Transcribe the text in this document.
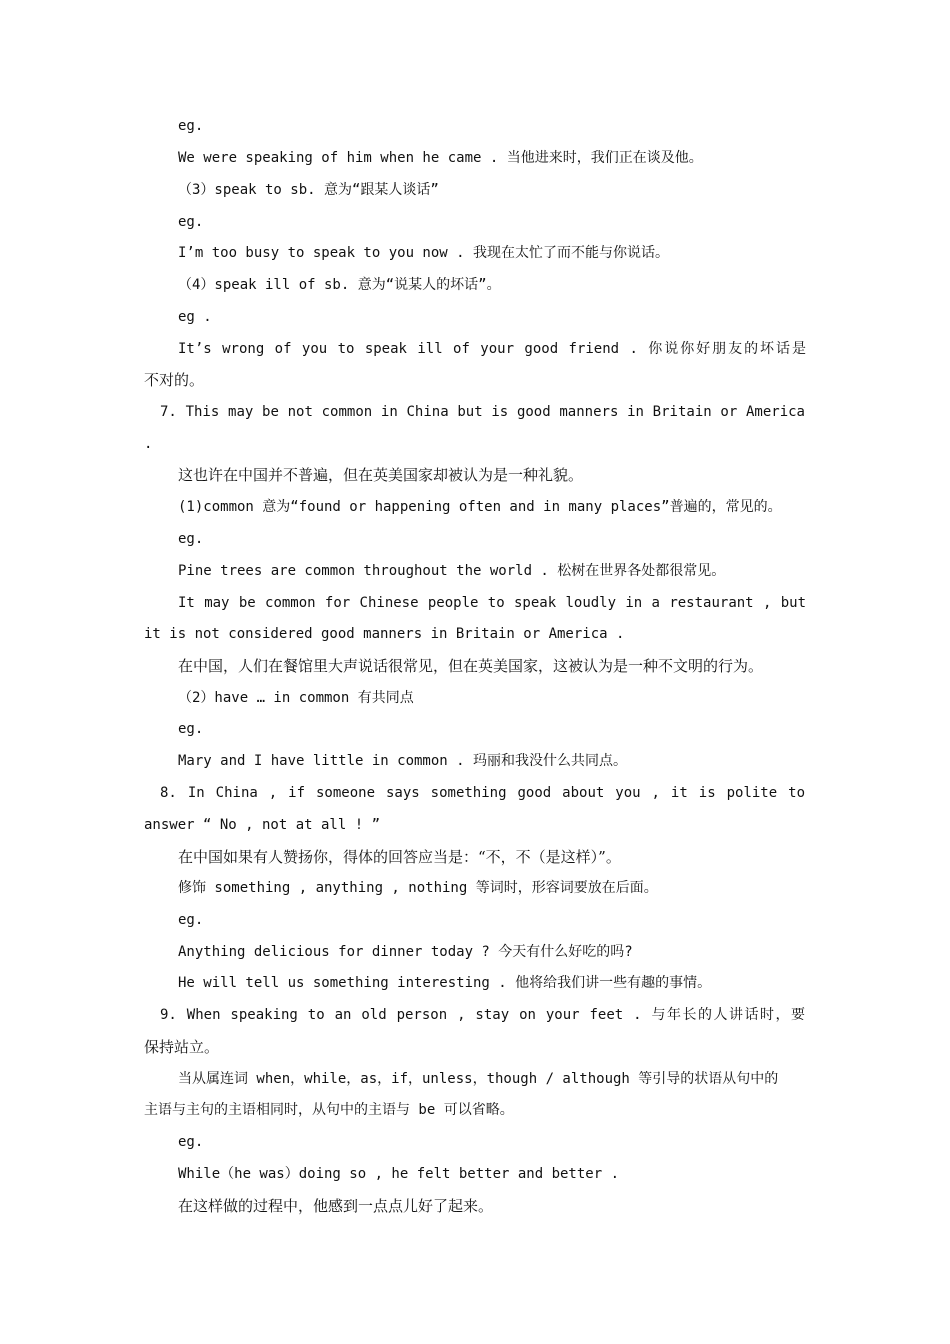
eg.
We were speaking of him when he came . 当他进来时，我们正在谈及他。
（3）speak to sb. 意为“跟某人谈话”
eg.
I’m too busy to speak to you now . 我现在太忙了而不能与你说话。
（4）speak ill of sb. 意为“说某人的坏话”。
eg .
It’s wrong of you to speak ill of your good friend . 你说你好朋友的坏话是
不对的。
7. This may be not common in China but is good manners in Britain or America
.
这也许在中国并不普遍，但在英美国家却被认为是一种礼貌。
(1)common 意为“found or happening often and in many places”普遍的，常见的。
eg.
Pine trees are common throughout the world . 松树在世界各处都很常见。
It may be common for Chinese people to speak loudly in a restaurant , but
it is not considered good manners in Britain or America .
在中国，人们在餐馆里大声说话很常见，但在英美国家，这被认为是一种不文明的行为。
（2）have … in common 有共同点
eg.
Mary and I have little in common . 玛丽和我没什么共同点。
8. In China , if someone says something good about you , it is polite to
answer “ No , not at all ! ”
在中国如果有人赞扬你，得体的回答应当是：“不，不（是这样）”。
修饰 something , anything , nothing 等词时，形容词要放在后面。
eg.
Anything delicious for dinner today ? 今天有什么好吃的吗?
He will tell us something interesting . 他将给我们讲一些有趣的事情。
9. When speaking to an old person , stay on your feet . 与年长的人讲话时，要
保持站立。
当从属连词 when，while，as，if，unless，though / although 等引导的状语从句中的
主语与主句的主语相同时，从句中的主语与 be 可以省略。
eg.
While（he was）doing so , he felt better and better .
在这样做的过程中，他感到一点点儿好了起来。
